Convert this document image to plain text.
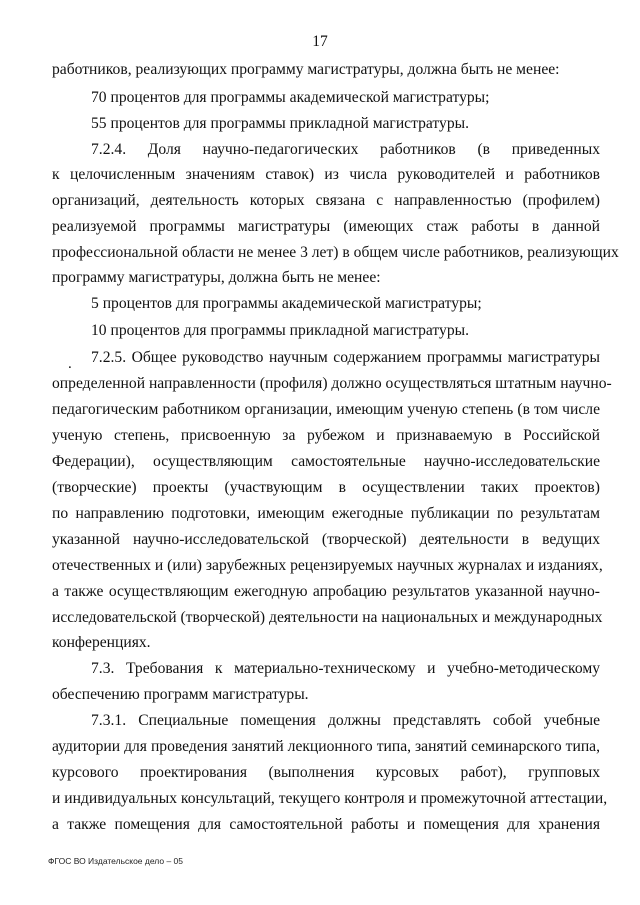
17
работников, реализующих программу магистратуры, должна быть не менее:
70 процентов для программы академической магистратуры;
55 процентов для программы прикладной магистратуры.
7.2.4. Доля научно-педагогических работников (в приведенных
к целочисленным значениям ставок) из числа руководителей и работников
организаций, деятельность которых связана с направленностью (профилем)
реализуемой программы магистратуры (имеющих стаж работы в данной
профессиональной области не менее 3 лет) в общем числе работников, реализующих
программу магистратуры, должна быть не менее:
5 процентов для программы академической магистратуры;
10 процентов для программы прикладной магистратуры.
. 7.2.5. Общее руководство научным содержанием программы магистратуры
определенной направленности (профиля) должно осуществляться штатным научно-
педагогическим работником организации, имеющим ученую степень (в том числе
ученую степень, присвоенную за рубежом и признаваемую в Российской
Федерации), осуществляющим самостоятельные научно-исследовательские
(творческие) проекты (участвующим в осуществлении таких проектов)
по направлению подготовки, имеющим ежегодные публикации по результатам
указанной научно-исследовательской (творческой) деятельности в ведущих
отечественных и (или) зарубежных рецензируемых научных журналах и изданиях,
а также осуществляющим ежегодную апробацию результатов указанной научно-
исследовательской (творческой) деятельности на национальных и международных
конференциях.
7.3. Требования к материально-техническому и учебно-методическому
обеспечению программ магистратуры.
7.3.1. Специальные помещения должны представлять собой учебные
аудитории для проведения занятий лекционного типа, занятий семинарского типа,
курсового проектирования (выполнения курсовых работ), групповых
и индивидуальных консультаций, текущего контроля и промежуточной аттестации,
а также помещения для самостоятельной работы и помещения для хранения
ФГОС ВО Издательское дело – 05
